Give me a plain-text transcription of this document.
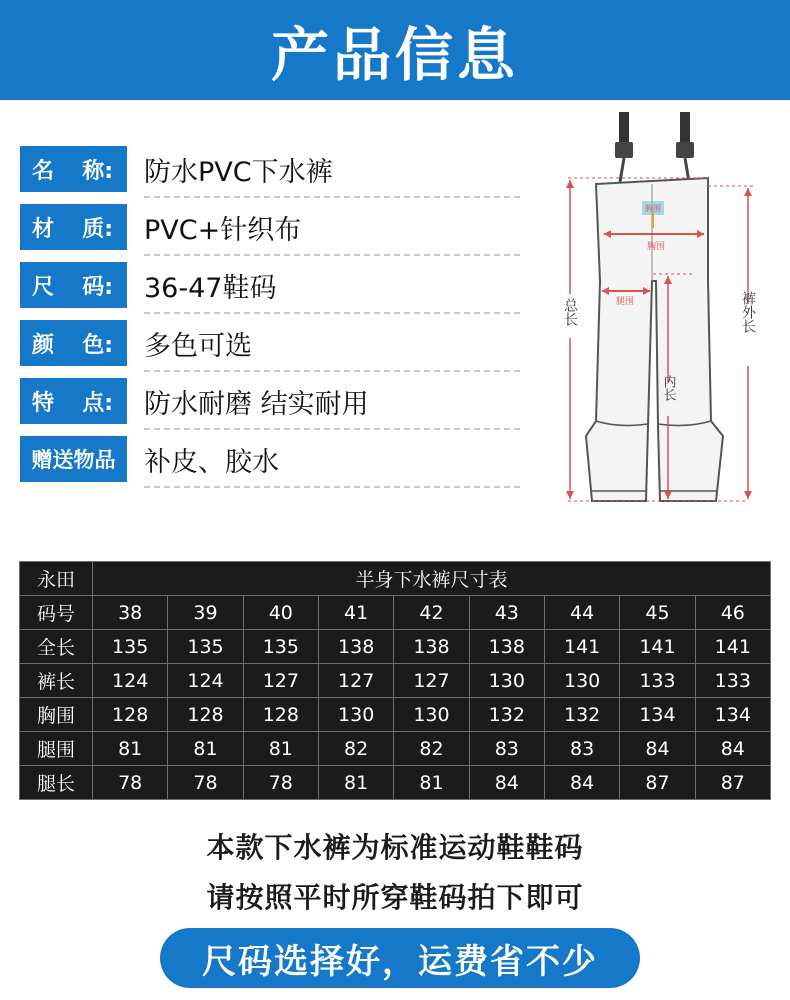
产品信息
名 称: 防水PVC下水裤
材 质: PVC+针织布
尺 码: 36-47鞋码
颜 色: 多色可选
特 点: 防水耐磨 结实耐用
赠送物品 补皮、胶水
胸围
胸围
腿围
总长	裤外长
内长
永田	半身下水裤尺寸表								
码号	38	39	40	41	42	43	44	45	46
全长	135	135	135	138	138	138	141	141	141
裤长	124	124	127	127	127	130	130	133	133
胸围	128	128	128	130	130	132	132	134	134
腿围	81	81	81	82	82	83	83	84	84
腿长	78	78	78	81	81	84	84	87	87
本款下水裤为标准运动鞋鞋码
请按照平时所穿鞋码拍下即可
尺码选择好，运费省不少
